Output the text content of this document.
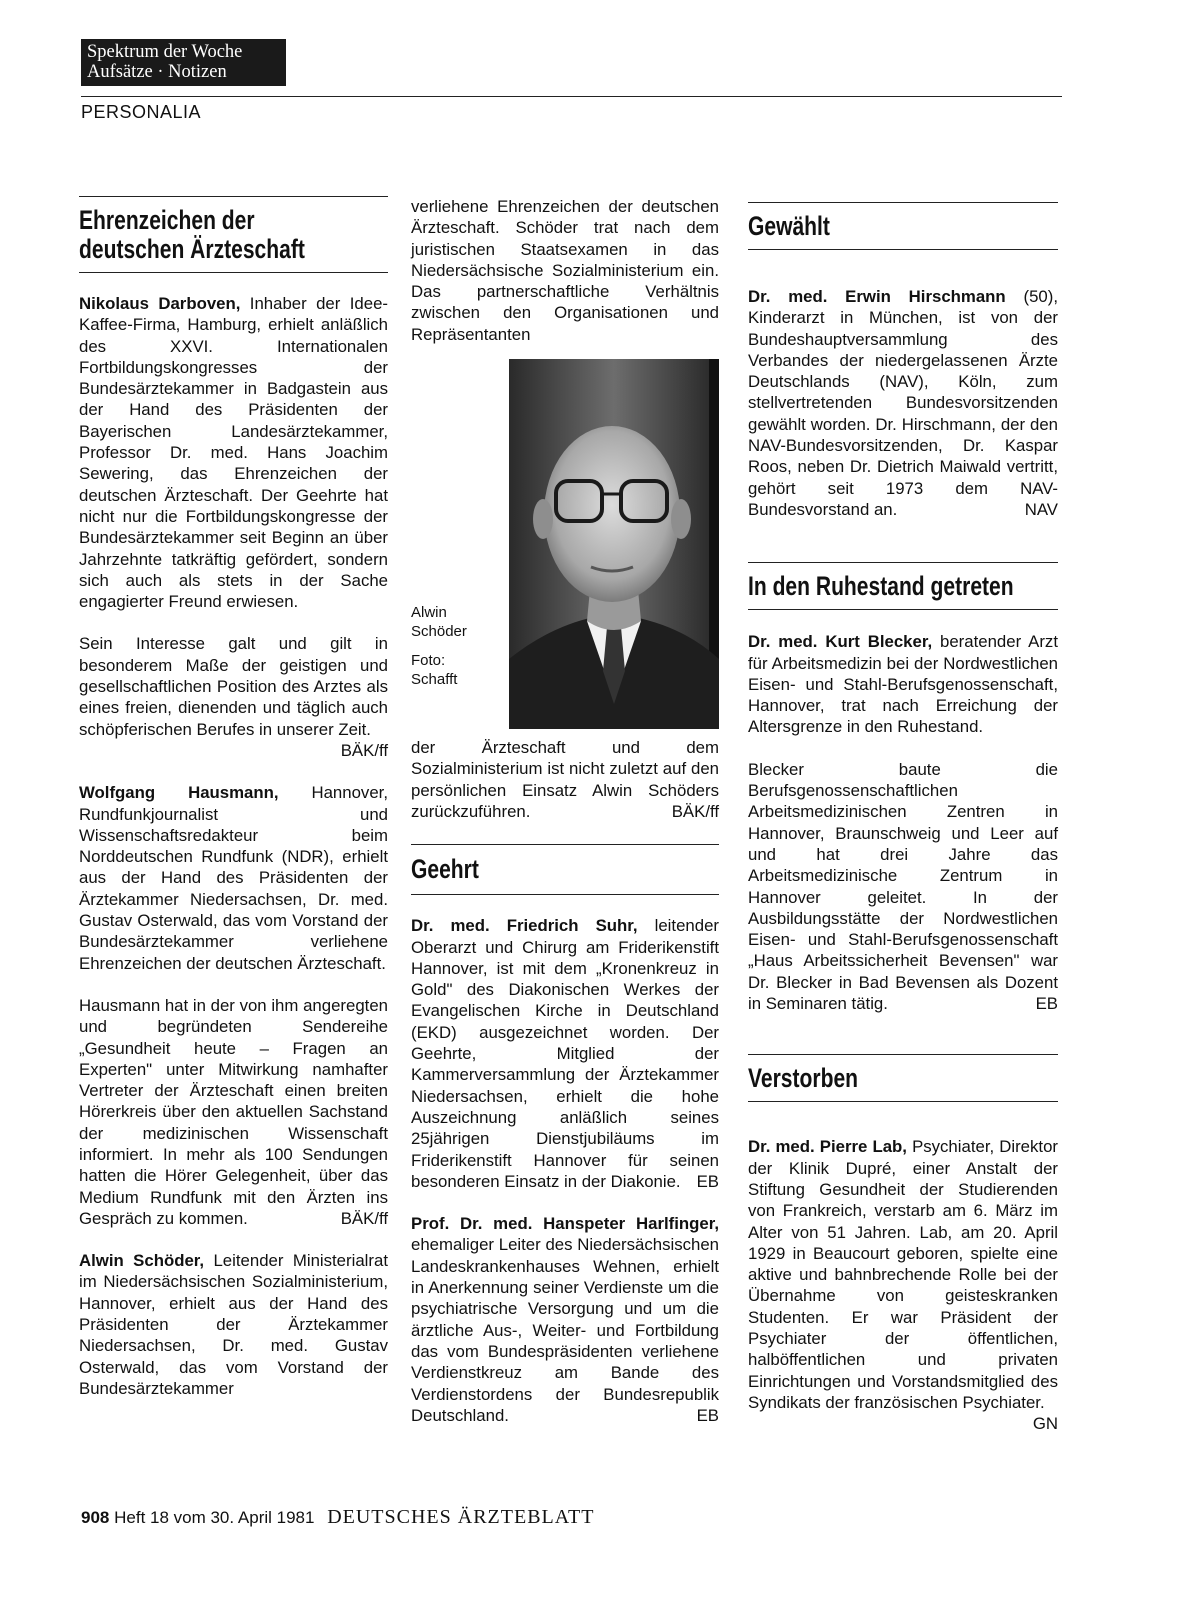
Spektrum der Woche
Aufsätze · Notizen
PERSONALIA
Ehrenzeichen der
deutschen Ärzteschaft

Nikolaus Darboven, Inhaber der Idee-Kaffee-Firma, Hamburg, erhielt anläßlich des XXVI. Internationalen Fortbildungskongresses der Bundesärztekammer in Badgastein aus der Hand des Präsidenten der Bayerischen Landesärztekammer, Professor Dr. med. Hans Joachim Sewering, das Ehrenzeichen der deutschen Ärzteschaft. Der Geehrte hat nicht nur die Fortbildungskongresse der Bundesärztekammer seit Beginn an über Jahrzehnte tatkräftig gefördert, sondern sich auch als stets in der Sache engagierter Freund erwiesen.

Sein Interesse galt und gilt in besonderem Maße der geistigen und gesellschaftlichen Position des Arztes als eines freien, dienenden und täglich auch schöpferischen Berufes in unserer Zeit.
BÄK/ff

Wolfgang Hausmann, Hannover, Rundfunkjournalist und Wissenschaftsredakteur beim Norddeutschen Rundfunk (NDR), erhielt aus der Hand des Präsidenten der Ärztekammer Niedersachsen, Dr. med. Gustav Osterwald, das vom Vorstand der Bundesärztekammer verliehene Ehrenzeichen der deutschen Ärzteschaft.

Hausmann hat in der von ihm angeregten und begründeten Sendereihe „Gesundheit heute – Fragen an Experten" unter Mitwirkung namhafter Vertreter der Ärzteschaft einen breiten Hörerkreis über den aktuellen Sachstand der medizinischen Wissenschaft informiert. In mehr als 100 Sendungen hatten die Hörer Gelegenheit, über das Medium Rundfunk mit den Ärzten ins Gespräch zu kommen.	BÄK/ff

Alwin Schöder, Leitender Ministerialrat im Niedersächsischen Sozialministerium, Hannover, erhielt aus der Hand des Präsidenten der Ärztekammer Niedersachsen, Dr. med. Gustav Osterwald, das vom Vorstand der Bundesärztekammer

verliehene Ehrenzeichen der deutschen Ärzteschaft. Schöder trat nach dem juristischen Staatsexamen in das Niedersächsische Sozialministerium ein. Das partnerschaftliche Verhältnis zwischen den Organisationen und Repräsentanten

Alwin
Schöder
Foto:
Schafft

der Ärzteschaft und dem Sozialministerium ist nicht zuletzt auf den persönlichen Einsatz Alwin Schöders zurückzuführen.	BÄK/ff

Geehrt

Dr. med. Friedrich Suhr, leitender Oberarzt und Chirurg am Friderikenstift Hannover, ist mit dem „Kronenkreuz in Gold" des Diakonischen Werkes der Evangelischen Kirche in Deutschland (EKD) ausgezeichnet worden. Der Geehrte, Mitglied der Kammerversammlung der Ärztekammer Niedersachsen, erhielt die hohe Auszeichnung anläßlich seines 25jährigen Dienstjubiläums im Friderikenstift Hannover für seinen besonderen Einsatz in der Diakonie. EB

Prof. Dr. med. Hanspeter Harlfinger, ehemaliger Leiter des Niedersächsischen Landeskrankenhauses Wehnen, erhielt in Anerkennung seiner Verdienste um die psychiatrische Versorgung und um die ärztliche Aus-, Weiter- und Fortbildung das vom Bundespräsidenten verliehene Verdienstkreuz am Bande des Verdienstordens der Bundesrepublik Deutschland.	EB

Gewählt

Dr. med. Erwin Hirschmann (50), Kinderarzt in München, ist von der Bundeshauptversammlung des Verbandes der niedergelassenen Ärzte Deutschlands (NAV), Köln, zum stellvertretenden Bundesvorsitzenden gewählt worden. Dr. Hirschmann, der den NAV-Bundesvorsitzenden, Dr. Kaspar Roos, neben Dr. Dietrich Maiwald vertritt, gehört seit 1973 dem NAV-Bundesvorstand an.	NAV

In den Ruhestand getreten

Dr. med. Kurt Blecker, beratender Arzt für Arbeitsmedizin bei der Nordwestlichen Eisen- und Stahl-Berufsgenossenschaft, Hannover, trat nach Erreichung der Altersgrenze in den Ruhestand.

Blecker baute die Berufsgenossenschaftlichen Arbeitsmedizinischen Zentren in Hannover, Braunschweig und Leer auf und hat drei Jahre das Arbeitsmedizinische Zentrum in Hannover geleitet. In der Ausbildungsstätte der Nordwestlichen Eisen- und Stahl-Berufsgenossenschaft „Haus Arbeitssicherheit Bevensen" war Dr. Blecker in Bad Bevensen als Dozent in Seminaren tätig.	EB

Verstorben

Dr. med. Pierre Lab, Psychiater, Direktor der Klinik Dupré, einer Anstalt der Stiftung Gesundheit der Studierenden von Frankreich, verstarb am 6. März im Alter von 51 Jahren. Lab, am 20. April 1929 in Beaucourt geboren, spielte eine aktive und bahnbrechende Rolle bei der Übernahme von geisteskranken Studenten. Er war Präsident der Psychiater der öffentlichen, halböffentlichen und privaten Einrichtungen und Vorstandsmitglied des Syndikats der französischen Psychiater.
GN

908 Heft 18 vom 30. April 1981 DEUTSCHES ÄRZTEBLATT
